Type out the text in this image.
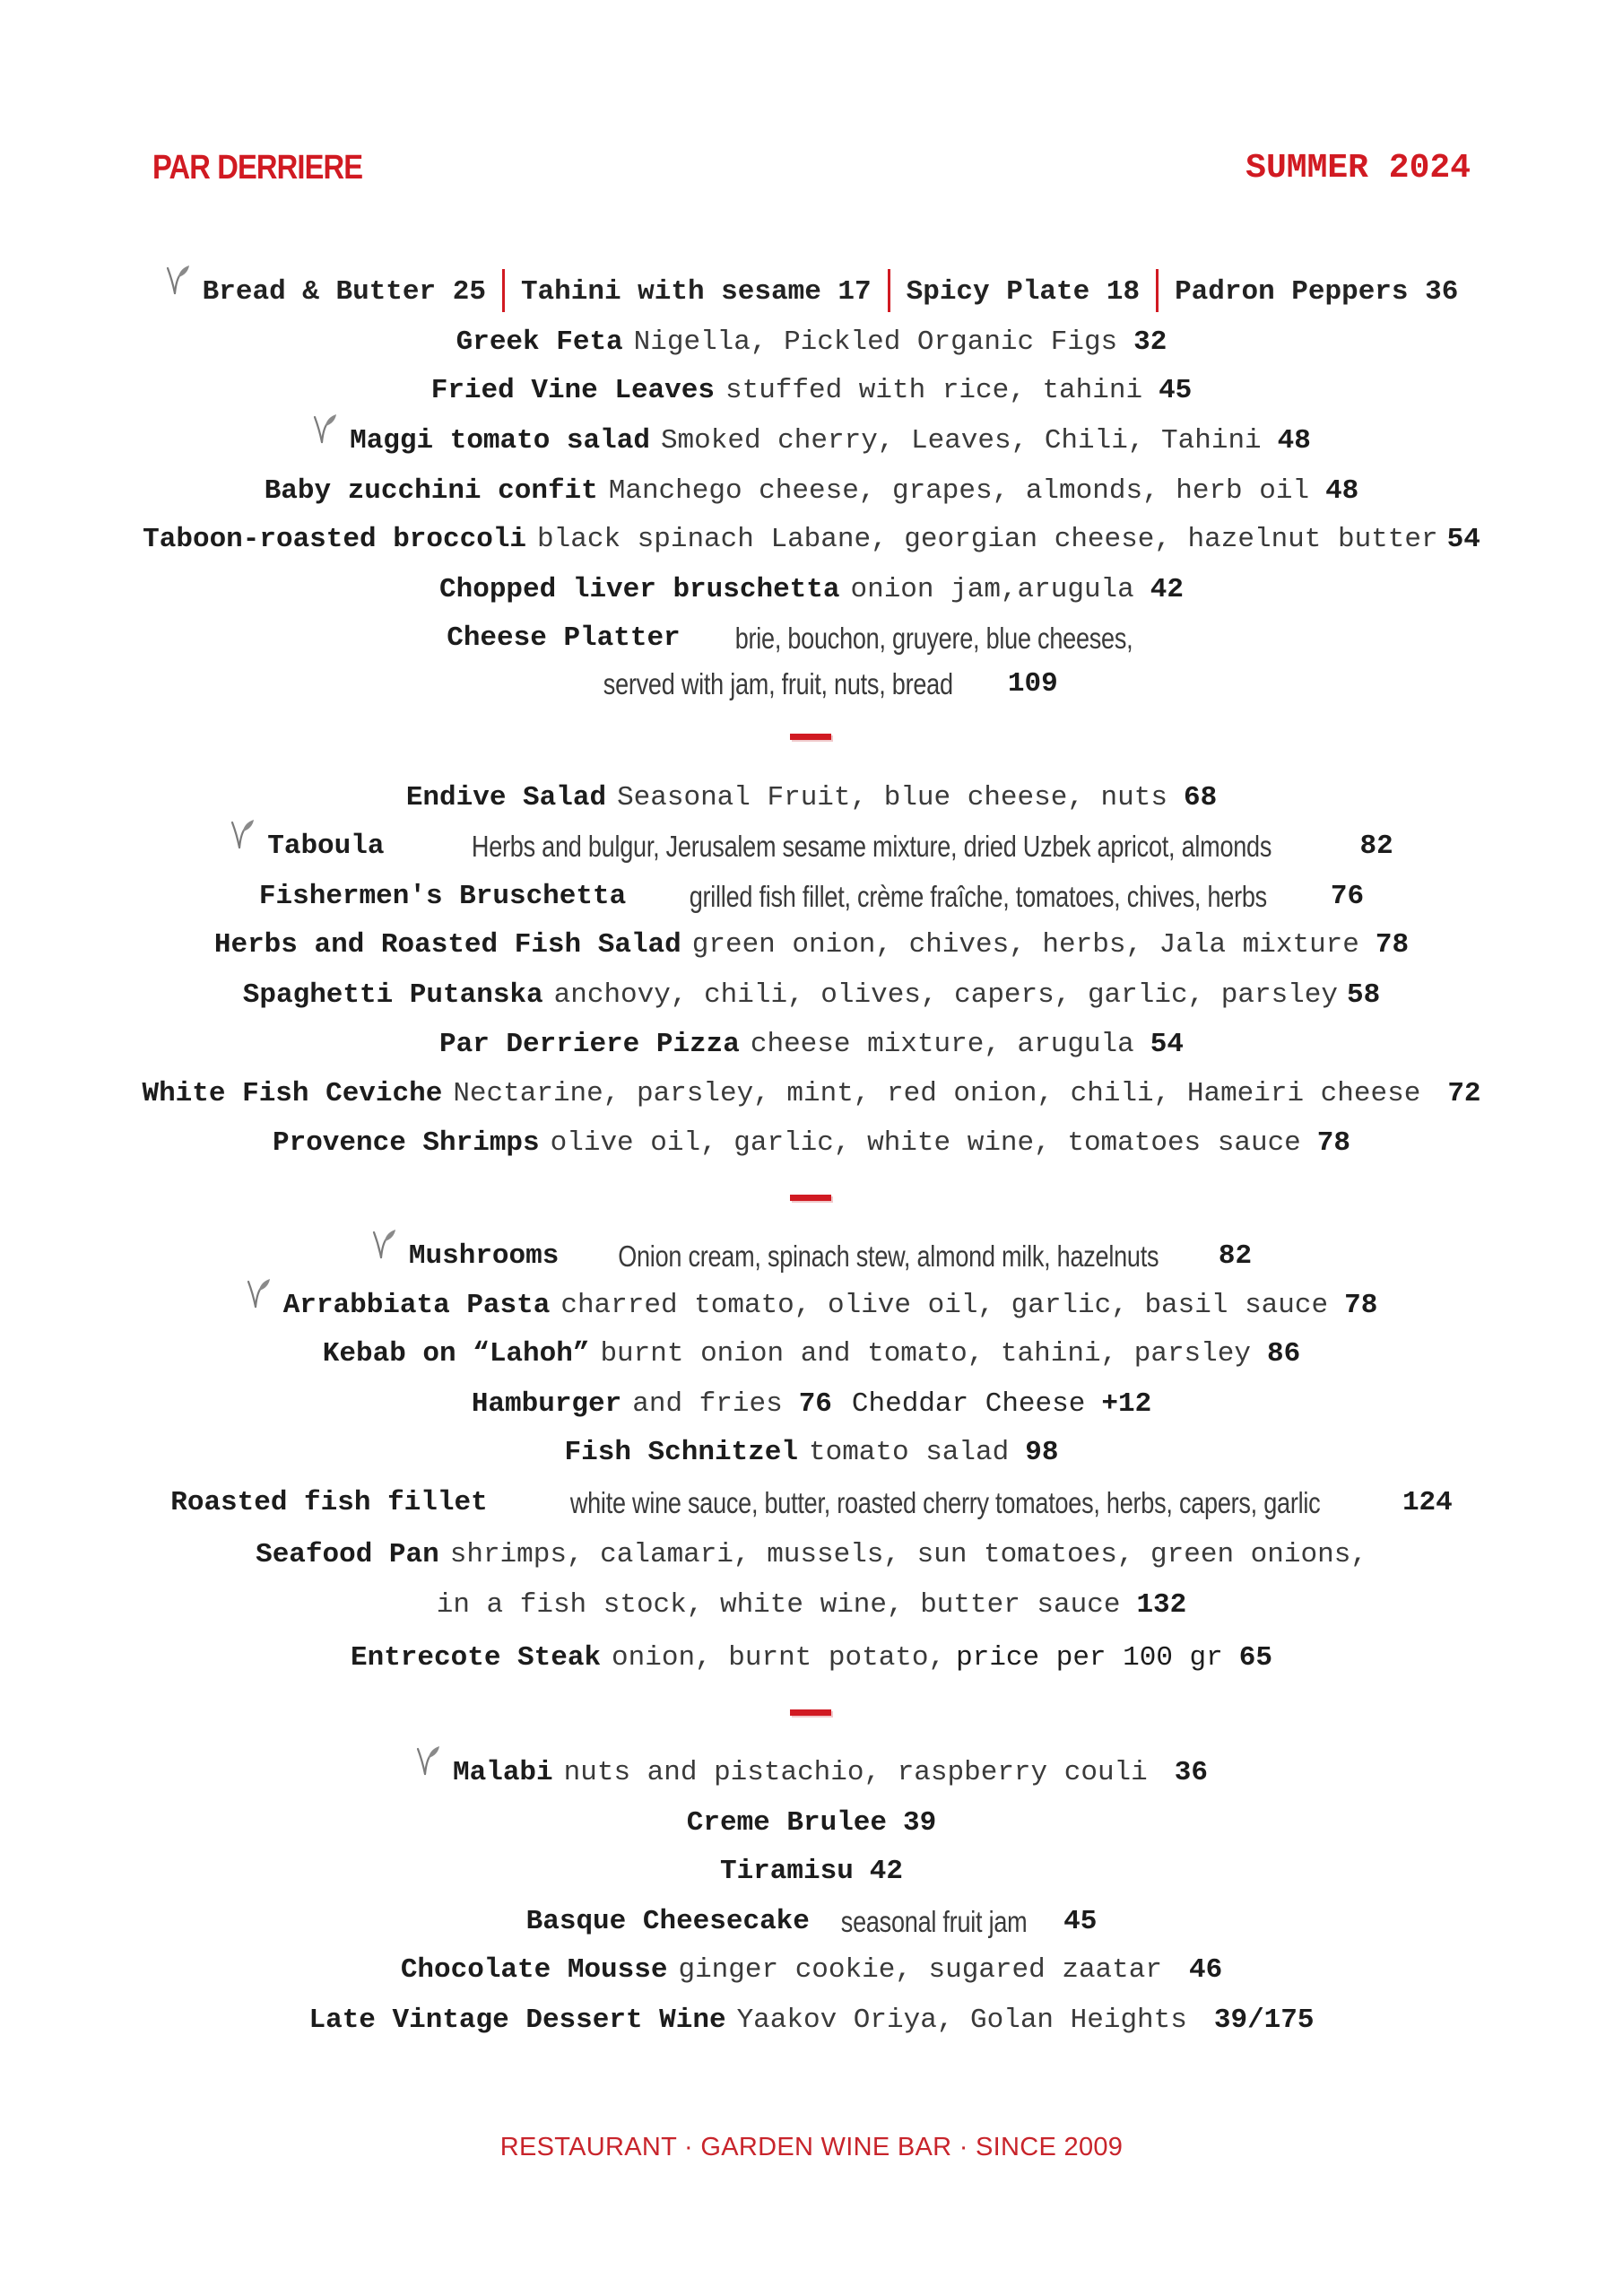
PAR DERRIERE	SUMMER 2024
Bread & Butter 25 Tahini with sesame 17 Spicy Plate 18 Padron Peppers 36
Greek Feta Nigella, Pickled Organic Figs 32
Fried Vine Leaves stuffed with rice, tahini 45
Maggi tomato salad Smoked cherry, Leaves, Chili, Tahini 48
Baby zucchini confit Manchego cheese, grapes, almonds, herb oil 48
Taboon-roasted broccoli black spinach Labane, georgian cheese, hazelnut butter 54
Chopped liver bruschetta onion jam,arugula 42
Cheese Platter brie, bouchon, gruyere, blue cheeses,
served with jam, fruit, nuts, bread 109
Endive Salad Seasonal Fruit, blue cheese, nuts 68
Taboula	Herbs and bulgur, Jerusalem sesame mixture, dried Uzbek apricot, almonds	82
Fishermen's Bruschetta grilled fish fillet, crème fraîche, tomatoes, chives, herbs 76
Herbs and Roasted Fish Salad green onion, chives, herbs, Jala mixture 78
Spaghetti Putanska anchovy, chili, olives, capers, garlic, parsley 58
Par Derriere Pizza cheese mixture, arugula 54
White Fish Ceviche Nectarine, parsley, mint, red onion, chili, Hameiri cheese 72
Provence Shrimps olive oil, garlic, white wine, tomatoes sauce 78
Mushrooms Onion cream, spinach stew, almond milk, hazelnuts 82
Arrabbiata Pasta charred tomato, olive oil, garlic, basil sauce 78
Kebab on “Lahoh” burnt onion and tomato, tahini, parsley 86
Hamburger and fries 76 Cheddar Cheese +12
Fish Schnitzel tomato salad 98
Roasted fish fillet	white wine sauce, butter, roasted cherry tomatoes, herbs, capers, garlic	124
Seafood Pan shrimps, calamari, mussels, sun tomatoes, green onions,
in a fish stock, white wine, butter sauce 132
Entrecote Steak onion, burnt potato, price per 100 gr 65
Malabi nuts and pistachio, raspberry couli 36
Creme Brulee 39
Tiramisu 42
Basque Cheesecake seasonal fruit jam 45
Chocolate Mousse ginger cookie, sugared zaatar 46
Late Vintage Dessert Wine Yaakov Oriya, Golan Heights 39/175
RESTAURANT · GARDEN WINE BAR · SINCE 2009
